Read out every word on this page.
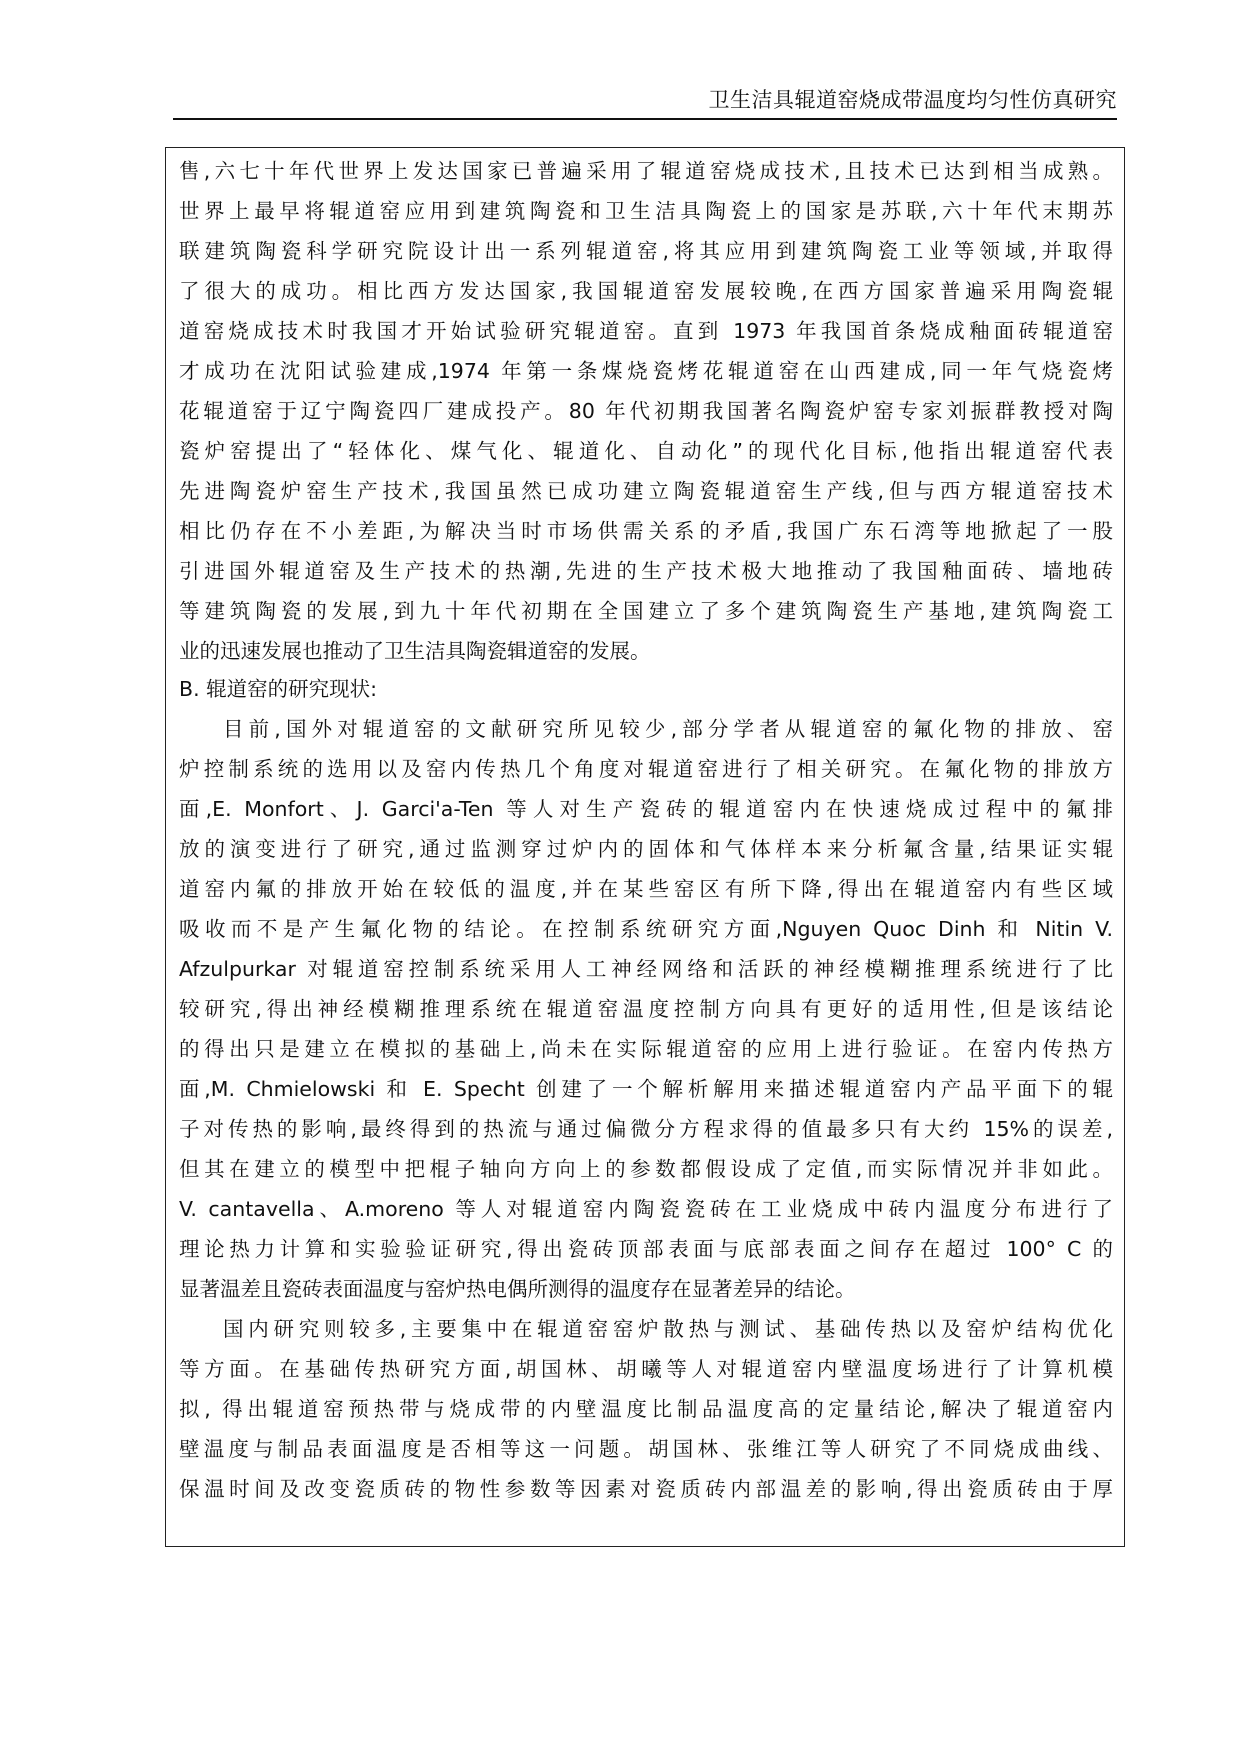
卫生洁具辊道窑烧成带温度均匀性仿真研究
售,六七十年代世界上发达国家已普遍采用了辊道窑烧成技术,且技术已达到相当成熟。
世界上最早将辊道窑应用到建筑陶瓷和卫生洁具陶瓷上的国家是苏联,六十年代末期苏
联建筑陶瓷科学研究院设计出一系列辊道窑,将其应用到建筑陶瓷工业等领域,并取得
了很大的成功。相比西方发达国家,我国辊道窑发展较晚,在西方国家普遍采用陶瓷辊
道窑烧成技术时我国才开始试验研究辊道窑。直到 1973 年我国首条烧成釉面砖辊道窑
才成功在沈阳试验建成,1974 年第一条煤烧瓷烤花辊道窑在山西建成,同一年气烧瓷烤
花辊道窑于辽宁陶瓷四厂建成投产。80 年代初期我国著名陶瓷炉窑专家刘振群教授对陶
瓷炉窑提出了“轻体化、煤气化、辊道化、自动化”的现代化目标,他指出辊道窑代表
先进陶瓷炉窑生产技术,我国虽然已成功建立陶瓷辊道窑生产线,但与西方辊道窑技术
相比仍存在不小差距,为解决当时市场供需关系的矛盾,我国广东石湾等地掀起了一股
引进国外辊道窑及生产技术的热潮,先进的生产技术极大地推动了我国釉面砖、墙地砖
等建筑陶瓷的发展,到九十年代初期在全国建立了多个建筑陶瓷生产基地,建筑陶瓷工
业的迅速发展也推动了卫生洁具陶瓷辑道窑的发展。
B. 辊道窑的研究现状:
目前,国外对辊道窑的文献研究所见较少,部分学者从辊道窑的氟化物的排放、窑
炉控制系统的选用以及窑内传热几个角度对辊道窑进行了相关研究。在氟化物的排放方
面,E. Monfort、J. Garci'a-Ten 等人对生产瓷砖的辊道窑内在快速烧成过程中的氟排
放的演变进行了研究,通过监测穿过炉内的固体和气体样本来分析氟含量,结果证实辊
道窑内氟的排放开始在较低的温度,并在某些窑区有所下降,得出在辊道窑内有些区域
吸收而不是产生氟化物的结论。在控制系统研究方面,Nguyen Quoc Dinh 和 Nitin V.
Afzulpurkar 对辊道窑控制系统采用人工神经网络和活跃的神经模糊推理系统进行了比
较研究,得出神经模糊推理系统在辊道窑温度控制方向具有更好的适用性,但是该结论
的得出只是建立在模拟的基础上,尚未在实际辊道窑的应用上进行验证。在窑内传热方
面,M. Chmielowski 和 E. Specht 创建了一个解析解用来描述辊道窑内产品平面下的辊
子对传热的影响,最终得到的热流与通过偏微分方程求得的值最多只有大约 15%的误差,
但其在建立的模型中把棍子轴向方向上的参数都假设成了定值,而实际情况并非如此。
V. cantavella、A.moreno 等人对辊道窑内陶瓷瓷砖在工业烧成中砖内温度分布进行了
理论热力计算和实验验证研究,得出瓷砖顶部表面与底部表面之间存在超过 100° C 的
显著温差且瓷砖表面温度与窑炉热电偶所测得的温度存在显著差异的结论。
国内研究则较多,主要集中在辊道窑窑炉散热与测试、基础传热以及窑炉结构优化
等方面。在基础传热研究方面,胡国林、胡曦等人对辊道窑内壁温度场进行了计算机模
拟, 得出辊道窑预热带与烧成带的内壁温度比制品温度高的定量结论,解决了辊道窑内
壁温度与制品表面温度是否相等这一问题。胡国林、张维江等人研究了不同烧成曲线、
保温时间及改变瓷质砖的物性参数等因素对瓷质砖内部温差的影响,得出瓷质砖由于厚
